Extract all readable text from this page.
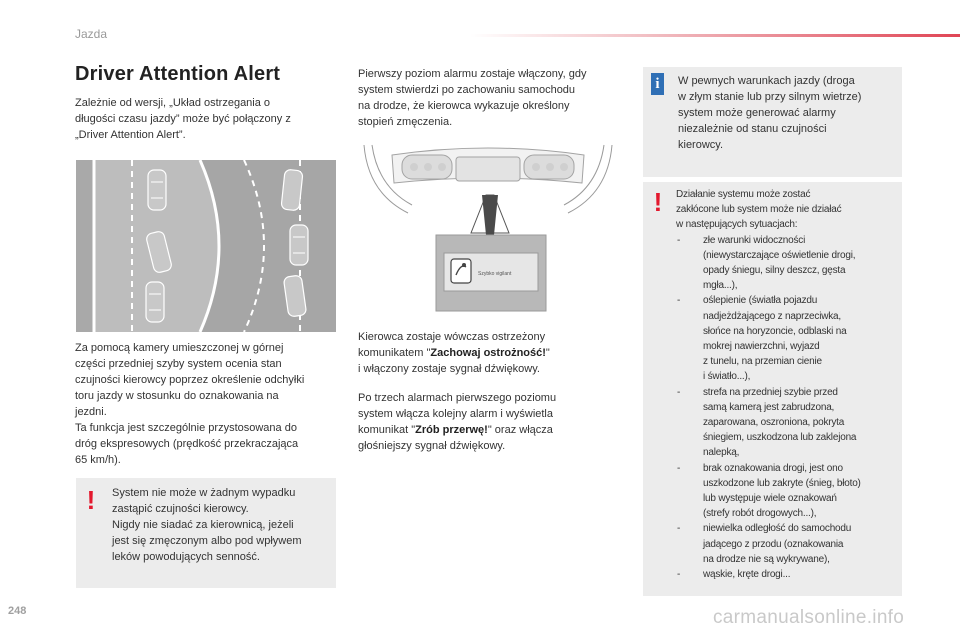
Jazda
Driver Attention Alert

Zależnie od wersji, „Układ ostrzegania o
długości czasu jazdy” może być połączony z
„Driver Attention Alert”.

Za pomocą kamery umieszczonej w górnej
części przedniej szyby system ocenia stan
czujności kierowcy poprzez określenie odchyłki
toru jazdy w stosunku do oznakowania na
jezdni.
Ta funkcja jest szczególnie przystosowana do
dróg ekspresowych (prędkość przekraczająca
65 km/h).

! System nie może w żadnym wypadku
zastąpić czujności kierowcy.
Nigdy nie siadać za kierownicą, jeżeli
jest się zmęczonym albo pod wpływem
leków powodujących senność.

Pierwszy poziom alarmu zostaje włączony, gdy
system stwierdzi po zachowaniu samochodu
na drodze, że kierowca wykazuje określony
stopień zmęczenia.

Szybko vigilant

Kierowca zostaje wówczas ostrzeżony
komunikatem "Zachowaj ostrożność!"
i włączony zostaje sygnał dźwiękowy.

Po trzech alarmach pierwszego poziomu
system włącza kolejny alarm i wyświetla
komunikat "Zrób przerwę!" oraz włącza
głośniejszy sygnał dźwiękowy.

i	W pewnych warunkach jazdy (droga
w złym stanie lub przy silnym wietrze)
system może generować alarmy
niezależnie od stanu czujności
kierowcy.

! Działanie systemu może zostać
zakłócone lub system może nie działać
w następujących sytuacjach:

- złe warunki widoczności
(niewystarczające oświetlenie drogi,
opady śniegu, silny deszcz, gęsta
mgła...),
- oślepienie (światła pojazdu
nadjeżdżającego z naprzeciwka,
słońce na horyzoncie, odblaski na
mokrej nawierzchni, wyjazd
z tunelu, na przemian cienie
i światło...),
- strefa na przedniej szybie przed
samą kamerą jest zabrudzona,
zaparowana, oszroniona, pokryta
śniegiem, uszkodzona lub zaklejona
nalepką,
- brak oznakowania drogi, jest ono
uszkodzone lub zakryte (śnieg, błoto)
lub występuje wiele oznakowań
(strefy robót drogowych...),
- niewielka odległość do samochodu
jadącego z przodu (oznakowania
na drodze nie są wykrywane),
- wąskie, kręte drogi...
248	carmanualsonline.info
